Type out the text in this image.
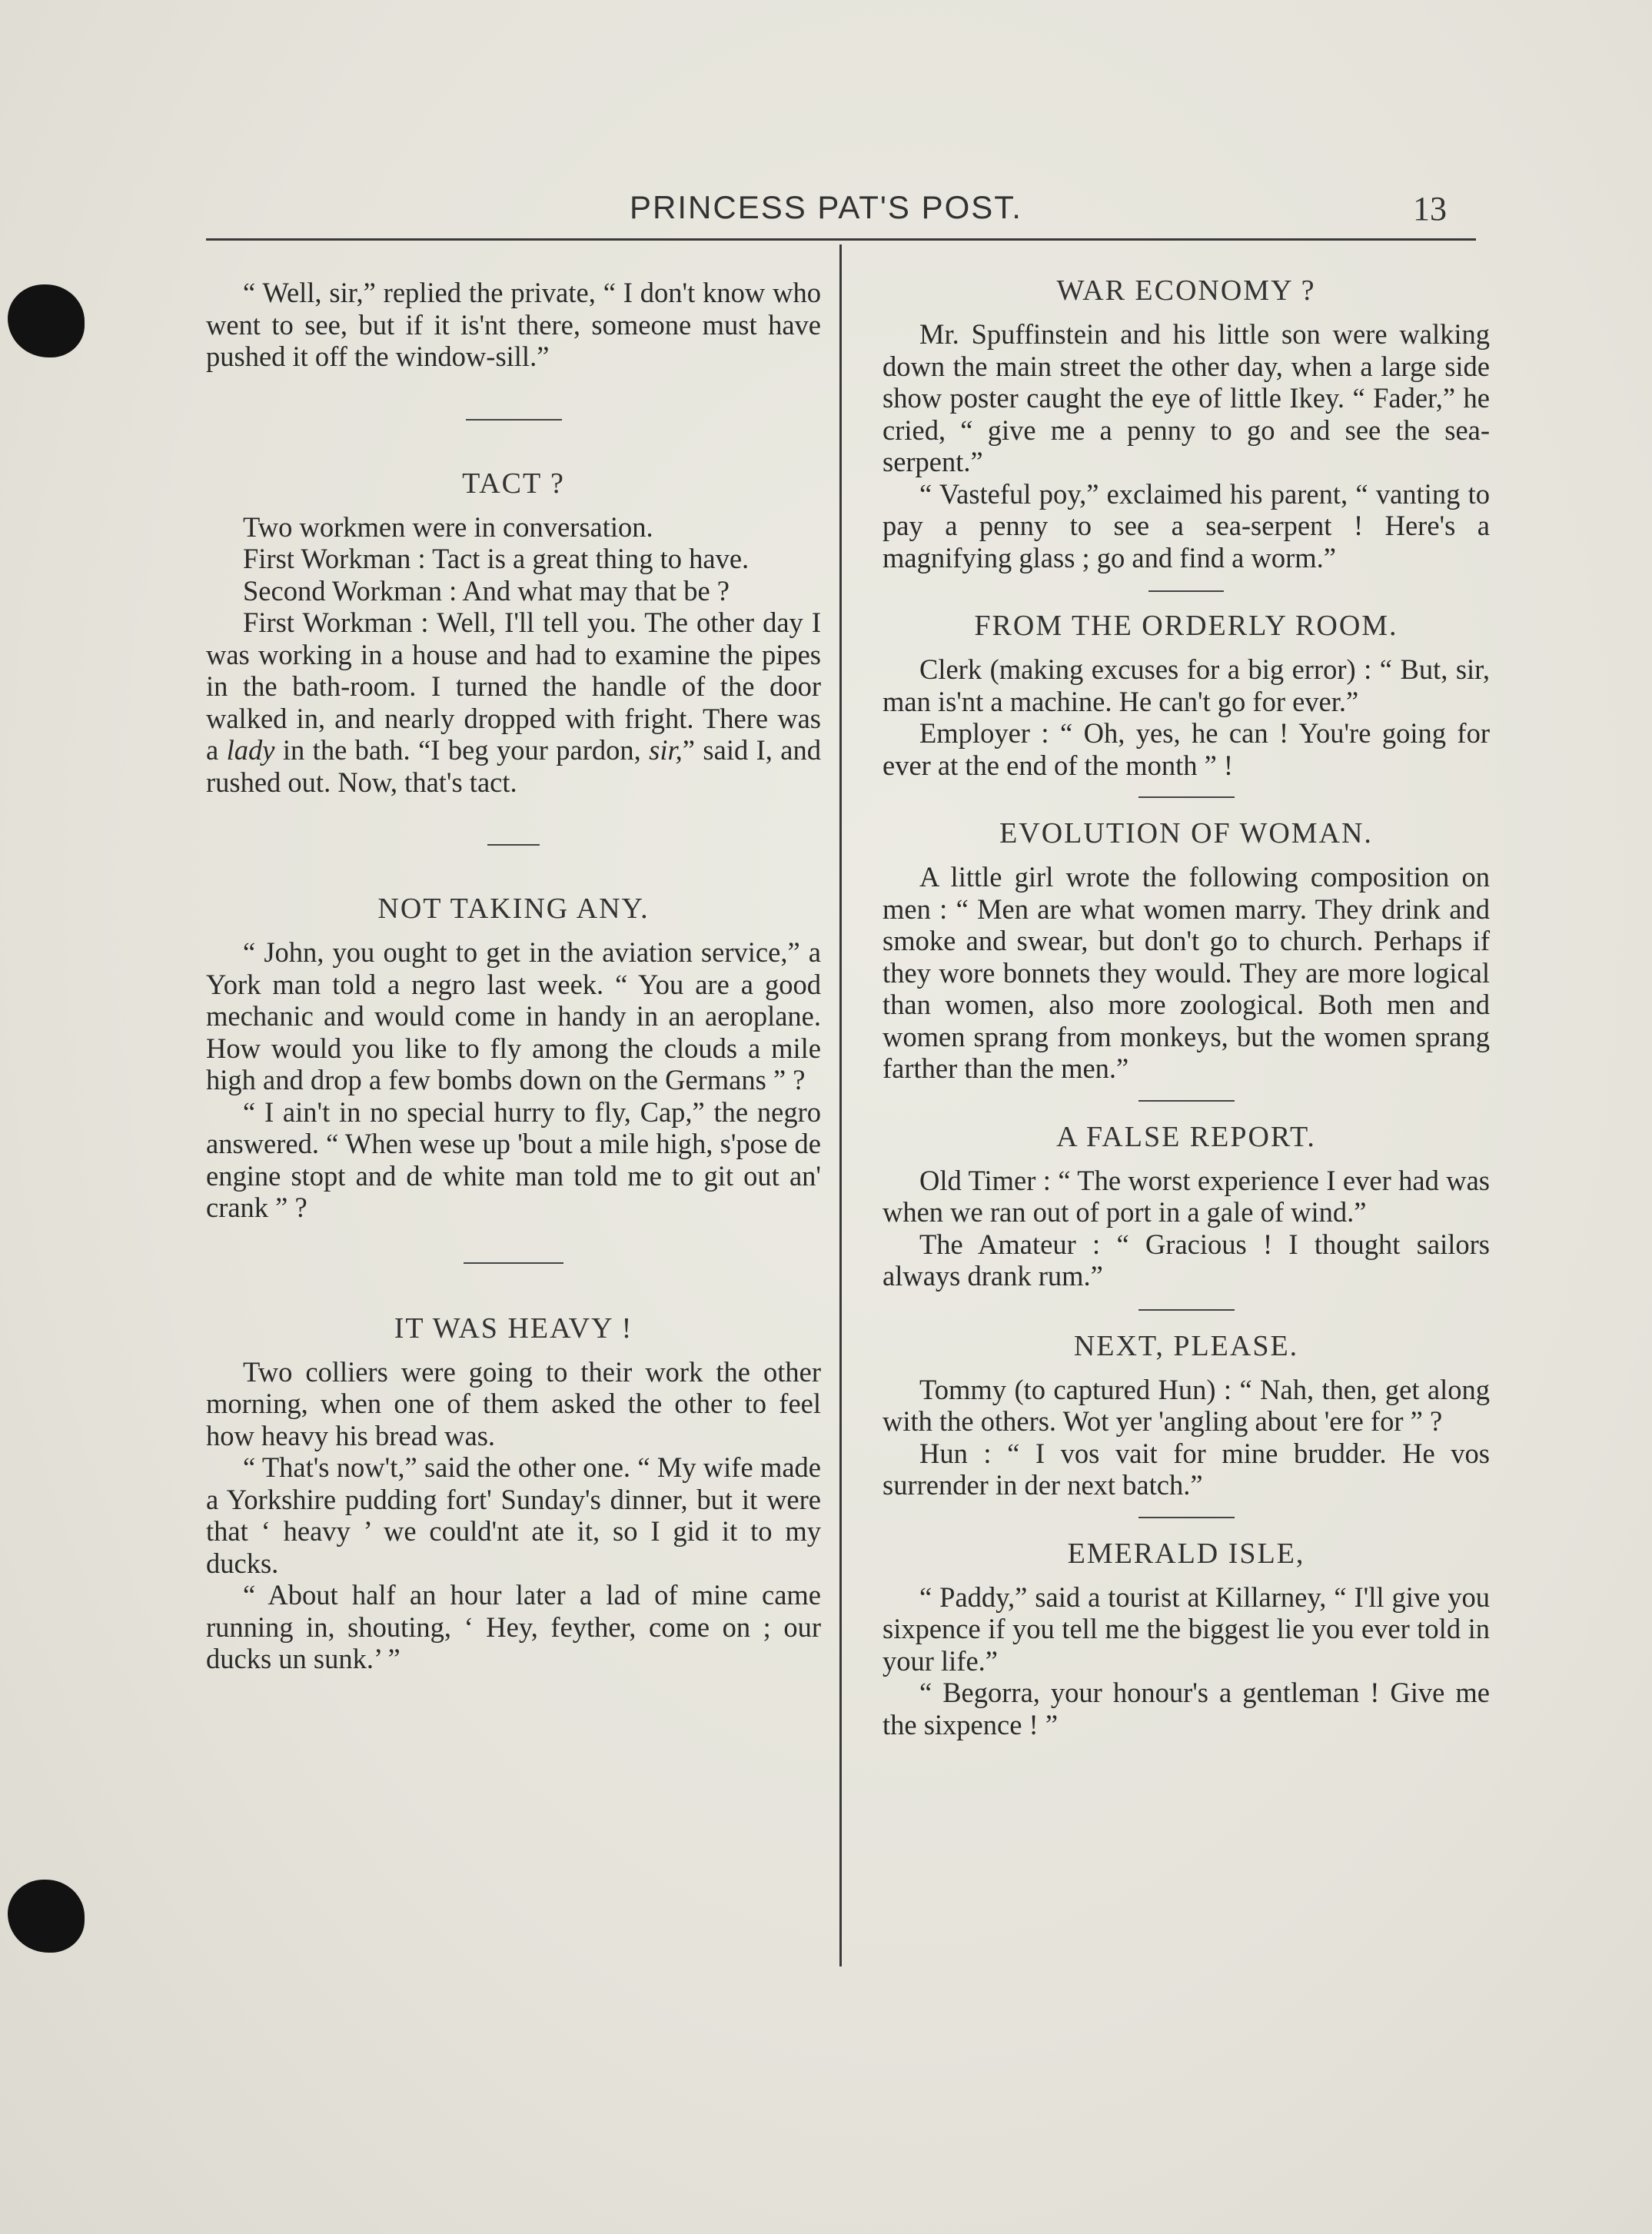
PRINCESS PAT'S POST.	13

“ Well, sir,” replied the private, “ I don't know who went to see, but if it is'nt there, someone must have pushed it off the window-sill.”

TACT ?

Two workmen were in conversation.

First Workman : Tact is a great thing to have.

Second Workman : And what may that be ?

First Workman : Well, I'll tell you. The other day I was working in a house and had to examine the pipes in the bath-room. I turned the handle of the door walked in, and nearly dropped with fright. There was a lady in the bath. “I beg your pardon, sir,” said I, and rushed out. Now, that's tact.

NOT TAKING ANY.

“ John, you ought to get in the aviation service,” a York man told a negro last week. “ You are a good mechanic and would come in handy in an aeroplane. How would you like to fly among the clouds a mile high and drop a few bombs down on the Germans ” ?

“ I ain't in no special hurry to fly, Cap,” the negro answered. “ When wese up 'bout a mile high, s'pose de engine stopt and de white man told me to git out an' crank ” ?

IT WAS HEAVY !

Two colliers were going to their work the other morning, when one of them asked the other to feel how heavy his bread was.

“ That's now't,” said the other one. “ My wife made a Yorkshire pudding fort' Sunday's dinner, but it were that ‘ heavy ’ we could'nt ate it, so I gid it to my ducks.

“ About half an hour later a lad of mine came running in, shouting, ‘ Hey, feyther, come on ; our ducks un sunk.’ ”

WAR ECONOMY ?

Mr. Spuffinstein and his little son were walking down the main street the other day, when a large side show poster caught the eye of little Ikey. “ Fader,” he cried, “ give me a penny to go and see the sea-serpent.”

“ Vasteful poy,” exclaimed his parent, “ vanting to pay a penny to see a sea-serpent ! Here's a magnifying glass ; go and find a worm.”

FROM THE ORDERLY ROOM.

Clerk (making excuses for a big error) : “ But, sir, man is'nt a machine. He can't go for ever.”

Employer : “ Oh, yes, he can ! You're going for ever at the end of the month ” !

EVOLUTION OF WOMAN.

A little girl wrote the following composition on men : “ Men are what women marry. They drink and smoke and swear, but don't go to church. Perhaps if they wore bonnets they would. They are more logical than women, also more zoological. Both men and women sprang from monkeys, but the women sprang farther than the men.”

A FALSE REPORT.

Old Timer : “ The worst experience I ever had was when we ran out of port in a gale of wind.”

The Amateur : “ Gracious ! I thought sailors always drank rum.”

NEXT, PLEASE.

Tommy (to captured Hun) : “ Nah, then, get along with the others. Wot yer 'angling about 'ere for ” ?

Hun : “ I vos vait for mine brudder. He vos surrender in der next batch.”

EMERALD ISLE,

“ Paddy,” said a tourist at Killarney, “ I'll give you sixpence if you tell me the biggest lie you ever told in your life.”

“ Begorra, your honour's a gentleman ! Give me the sixpence ! ”
